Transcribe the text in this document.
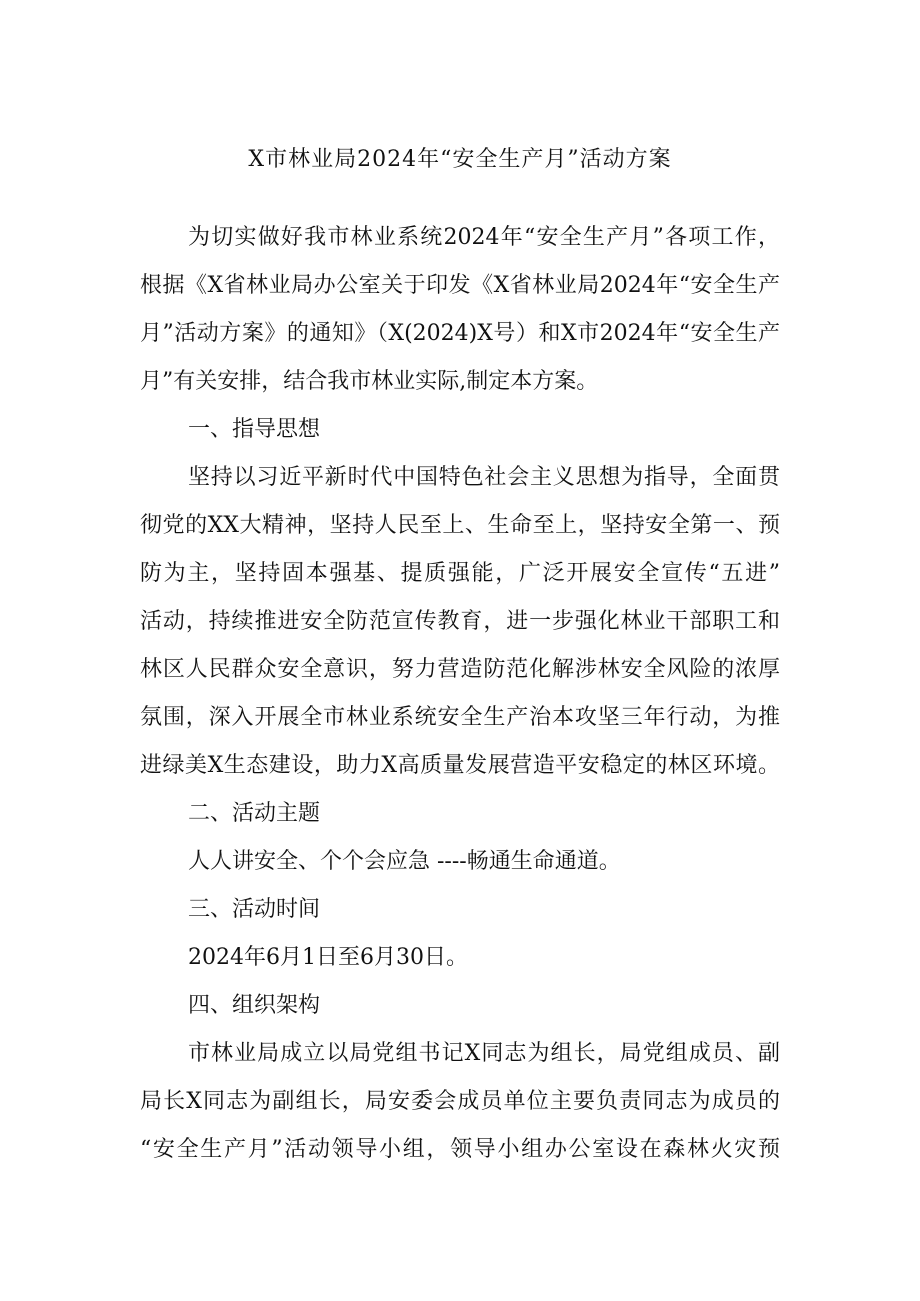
X市林业局2024年“安全生产月”活动方案
为切实做好我市林业系统2024年“安全生产月”各项工作，
根据《X省林业局办公室关于印发《X省林业局2024年“安全生产
月”活动方案》的通知》（X(2024)X号）和X市2024年“安全生产
月”有关安排，结合我市林业实际,制定本方案。
一、指导思想
坚持以习近平新时代中国特色社会主义思想为指导，全面贯
彻党的XX大精神，坚持人民至上、生命至上，坚持安全第一、预
防为主，坚持固本强基、提质强能，广泛开展安全宣传“五进”
活动，持续推进安全防范宣传教育，进一步强化林业干部职工和
林区人民群众安全意识，努力营造防范化解涉林安全风险的浓厚
氛围，深入开展全市林业系统安全生产治本攻坚三年行动，为推
进绿美X生态建设，助力X高质量发展营造平安稳定的林区环境。
二、活动主题
人人讲安全、个个会应急 ----畅通生命通道。
三、活动时间
2024年6月1日至6月30日。
四、组织架构
市林业局成立以局党组书记X同志为组长，局党组成员、副
局长X同志为副组长，局安委会成员单位主要负责同志为成员的
“安全生产月”活动领导小组，领导小组办公室设在森林火灾预
